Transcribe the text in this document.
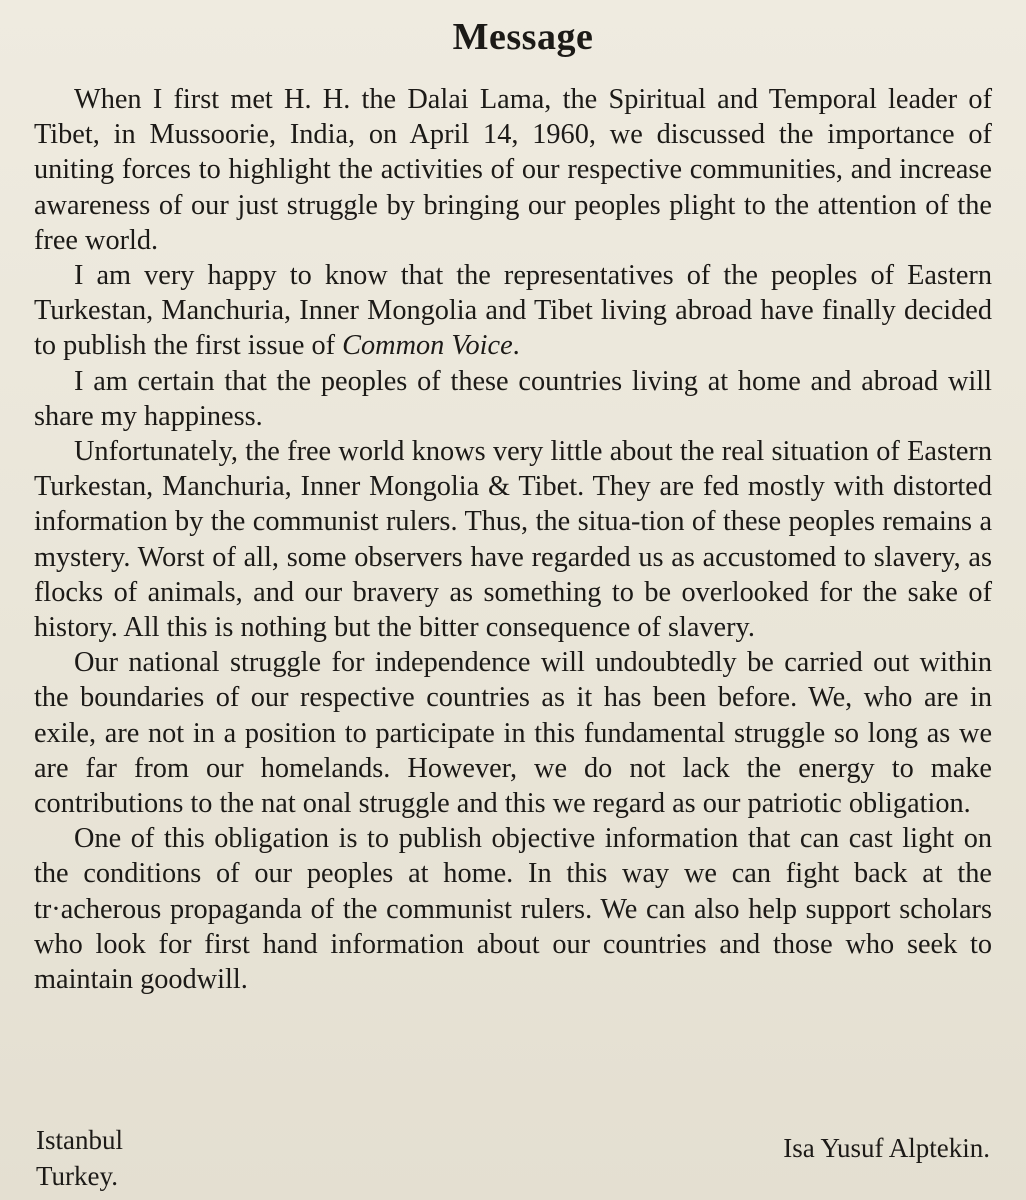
Message

When I first met H. H. the Dalai Lama, the Spiritual and Temporal leader of Tibet, in Mussoorie, India, on April 14, 1960, we discussed the importance of uniting forces to highlight the activities of our respective communities, and increase awareness of our just struggle by bringing our peoples plight to the attention of the free world.

I am very happy to know that the representatives of the peoples of Eastern Turkestan, Manchuria, Inner Mongolia and Tibet living abroad have finally decided to publish the first issue of Common Voice.

I am certain that the peoples of these countries living at home and abroad will share my happiness.

Unfortunately, the free world knows very little about the real situation of Eastern Turkestan, Manchuria, Inner Mongolia & Tibet. They are fed mostly with distorted information by the communist rulers. Thus, the situa-tion of these peoples remains a mystery. Worst of all, some observers have regarded us as accustomed to slavery, as flocks of animals, and our bravery as something to be overlooked for the sake of history. All this is nothing but the bitter consequence of slavery.

Our national struggle for independence will undoubtedly be carried out within the boundaries of our respective countries as it has been before. We, who are in exile, are not in a position to participate in this fundamental struggle so long as we are far from our homelands. However, we do not lack the energy to make contributions to the nat onal struggle and this we regard as our patriotic obligation.

One of this obligation is to publish objective information that can cast light on the conditions of our peoples at home. In this way we can fight back at the tr·acherous propaganda of the communist rulers. We can also help support scholars who look for first hand information about our countries and those who seek to maintain goodwill.

Istanbul
Turkey.
Isa Yusuf Alptekin.
